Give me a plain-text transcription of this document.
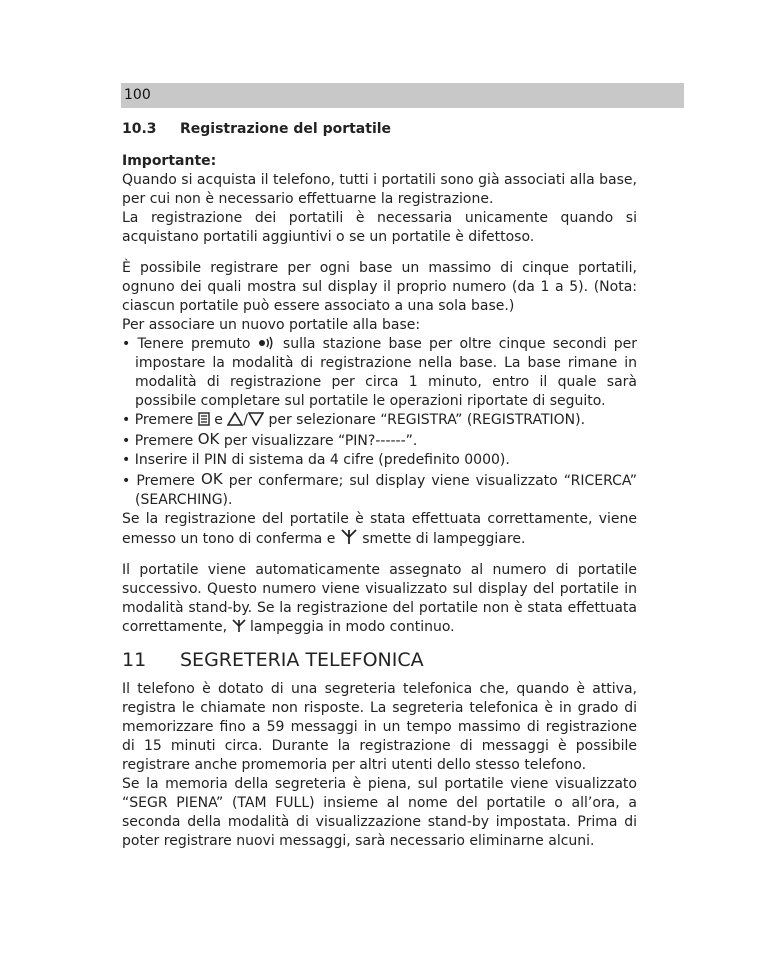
100
10.3	Registrazione del portatile

Importante:
Quando si acquista il telefono, tutti i portatili sono già associati alla base, per cui non è necessario effettuarne la registrazione.

La registrazione dei portatili è necessaria unicamente quando si acquistano portatili aggiuntivi o se un portatile è difettoso.

È possibile registrare per ogni base un massimo di cinque portatili, ognuno dei quali mostra sul display il proprio numero (da 1 a 5). (Nota: ciascun portatile può essere associato a una sola base.)

Per associare un nuovo portatile alla base:

• Tenere premuto sulla stazione base per oltre cinque secondi per impostare la modalità di registrazione nella base. La base rimane in modalità di registrazione per circa 1 minuto, entro il quale sarà possibile completare sul portatile le operazioni riportate di seguito.
• Premere e / per selezionare “REGISTRA” (REGISTRATION).
• Premere OK per visualizzare “PIN?------”.
• Inserire il PIN di sistema da 4 cifre (predefinito 0000).
• Premere OK per confermare; sul display viene visualizzato “RICERCA” (SEARCHING).

Se la registrazione del portatile è stata effettuata correttamente, viene emesso un tono di conferma e smette di lampeggiare.

Il portatile viene automaticamente assegnato al numero di portatile successivo. Questo numero viene visualizzato sul display del portatile in modalità stand-by. Se la registrazione del portatile non è stata effettuata correttamente, lampeggia in modo continuo.

11	SEGRETERIA TELEFONICA

Il telefono è dotato di una segreteria telefonica che, quando è attiva, registra le chiamate non risposte. La segreteria telefonica è in grado di memorizzare fino a 59 messaggi in un tempo massimo di registrazione di 15 minuti circa. Durante la registrazione di messaggi è possibile registrare anche promemoria per altri utenti dello stesso telefono.

Se la memoria della segreteria è piena, sul portatile viene visualizzato “SEGR PIENA” (TAM FULL) insieme al nome del portatile o all’ora, a seconda della modalità di visualizzazione stand-by impostata. Prima di poter registrare nuovi messaggi, sarà necessario eliminarne alcuni.
